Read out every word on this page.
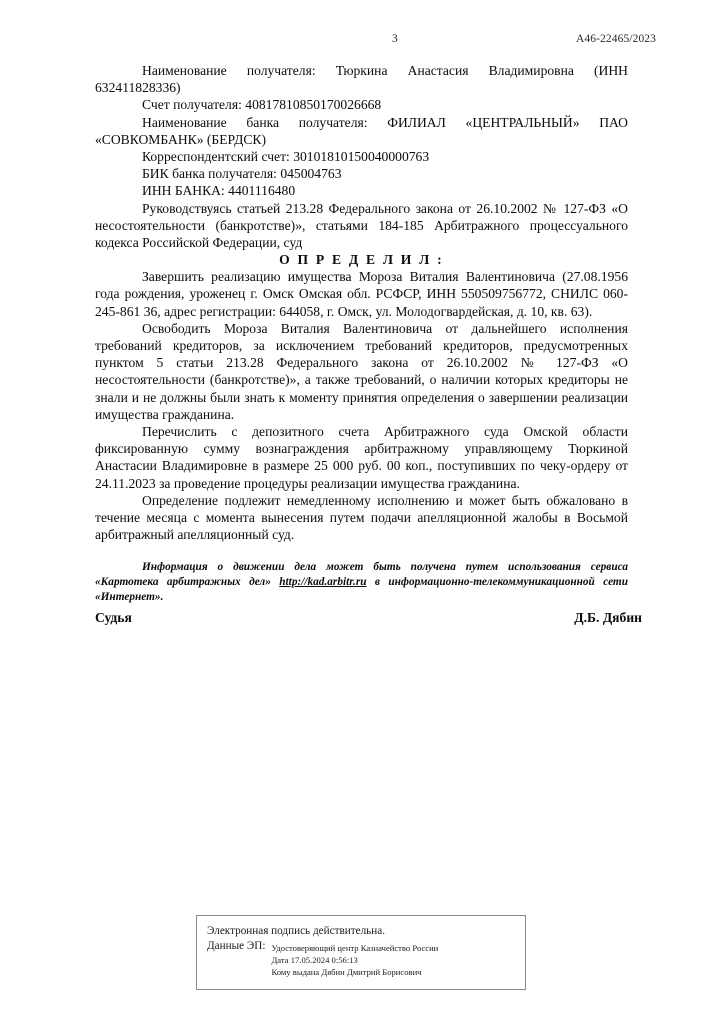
3	А46-22465/2023

Наименование получателя: Тюркина Анастасия Владимировна (ИНН 632411828336)

Счет получателя: 40817810850170026668

Наименование банка получателя: ФИЛИАЛ «ЦЕНТРАЛЬНЫЙ» ПАО «СОВКОМБАНК» (БЕРДСК)

Корреспондентский счет: 30101810150040000763

БИК банка получателя: 045004763

ИНН БАНКА: 4401116480

Руководствуясь статьей 213.28 Федерального закона от 26.10.2002 № 127-ФЗ «О несостоятельности (банкротстве)», статьями 184-185 Арбитражного процессуального кодекса Российской Федерации, суд

О П Р Е Д Е Л И Л :

Завершить реализацию имущества Мороза Виталия Валентиновича (27.08.1956 года рождения, уроженец г. Омск Омская обл. РСФСР, ИНН 550509756772, СНИЛС 060-245-861 36, адрес регистрации: 644058, г. Омск, ул. Молодогвардейская, д. 10, кв. 63).

Освободить Мороза Виталия Валентиновича от дальнейшего исполнения требований кредиторов, за исключением требований кредиторов, предусмотренных пунктом 5 статьи 213.28 Федерального закона от 26.10.2002 № 127-ФЗ «О несостоятельности (банкротстве)», а также требований, о наличии которых кредиторы не знали и не должны были знать к моменту принятия определения о завершении реализации имущества гражданина.

Перечислить с депозитного счета Арбитражного суда Омской области фиксированную сумму вознаграждения арбитражному управляющему Тюркиной Анастасии Владимировне в размере 25 000 руб. 00 коп., поступивших по чеку-ордеру от 24.11.2023 за проведение процедуры реализации имущества гражданина.

Определение подлежит немедленному исполнению и может быть обжаловано в течение месяца с момента вынесения путем подачи апелляционной жалобы в Восьмой арбитражный апелляционный суд.

Информация о движении дела может быть получена путем использования сервиса «Картотека арбитражных дел» http://kad.arbitr.ru в информационно-телекоммуникационной сети «Интернет».

Судья	Д.Б. Дябин
Электронная подпись действительна.
Данные ЭП: Удостоверяющий центр Казначейство России
Дата 17.05.2024 0:56:13
Кому выдана Дябин Дмитрий Борисович
